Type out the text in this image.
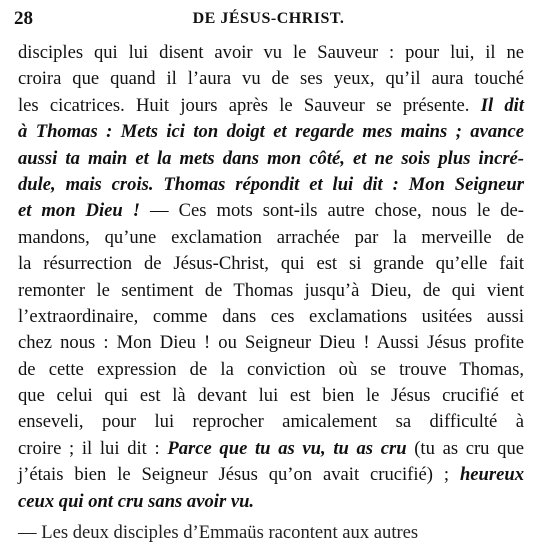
28	DE JÉSUS-CHRIST.
disciples qui lui disent avoir vu le Sauveur : pour lui, il ne
croira que quand il l’aura vu de ses yeux, qu’il aura touché
les cicatrices. Huit jours après le Sauveur se présente. Il dit
à Thomas : Mets ici ton doigt et regarde mes mains ; avance
aussi ta main et la mets dans mon côté, et ne sois plus incré-
dule, mais crois. Thomas répondit et lui dit : Mon Seigneur
et mon Dieu ! — Ces mots sont-ils autre chose, nous le de-
mandons, qu’une exclamation arrachée par la merveille de
la résurrection de Jésus-Christ, qui est si grande qu’elle fait
remonter le sentiment de Thomas jusqu’à Dieu, de qui vient
l’extraordinaire, comme dans ces exclamations usitées aussi
chez nous : Mon Dieu ! ou Seigneur Dieu ! Aussi Jésus profite
de cette expression de la conviction où se trouve Thomas,
que celui qui est là devant lui est bien le Jésus crucifié et
enseveli, pour lui reprocher amicalement sa difficulté à
croire ; il lui dit : Parce que tu as vu, tu as cru (tu as cru que
j’étais bien le Seigneur Jésus qu’on avait crucifié) ; heureux
ceux qui ont cru sans avoir vu.
— Les deux disciples d’Emmaüs racontent aux autres
